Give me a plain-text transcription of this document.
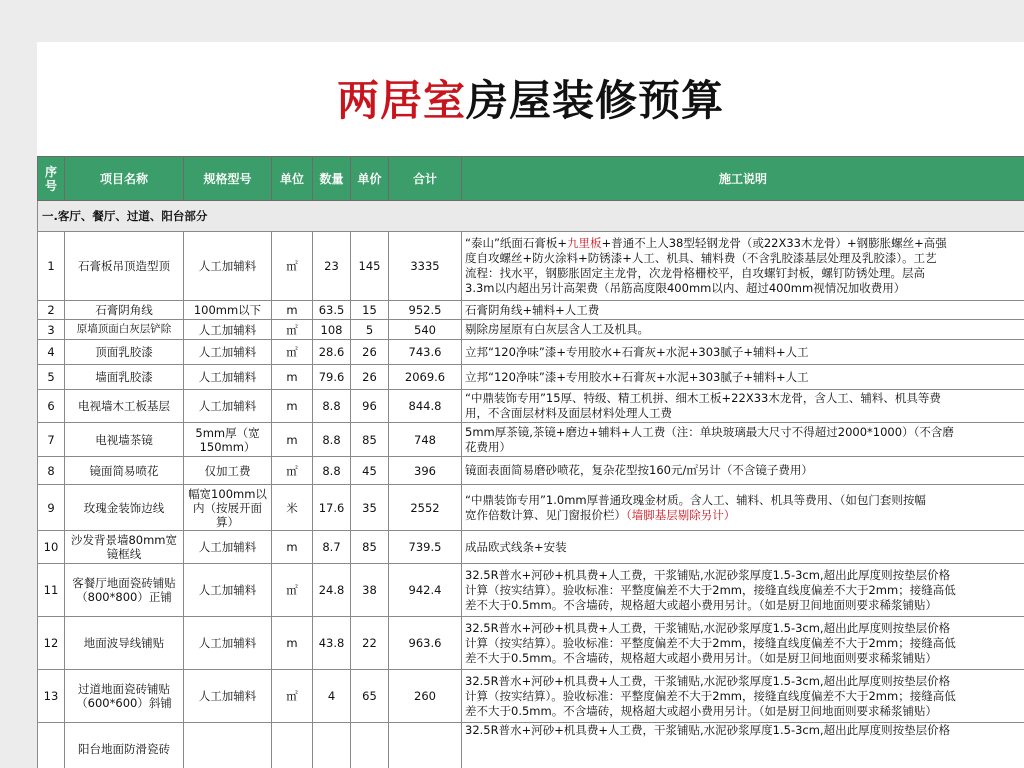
两居室房屋装修预算
序号	项目名称	规格型号	单位	数量	单价	合计	施工说明
一.客厅、餐厅、过道、阳台部分							
1	石膏板吊顶造型顶	人工加辅料	㎡	23	145	3335	“泰山”纸面石膏板+九里板+普通不上人38型轻钢龙骨（或22X33木龙骨）+钢膨胀螺丝+高强
度自攻螺丝+防火涂料+防锈漆+人工、机具、辅料费（不含乳胶漆基层处理及乳胶漆）。工艺
流程：找水平，钢膨胀固定主龙骨，次龙骨格栅校平，自攻螺钉封板，螺钉防锈处理。层高
3.3m以内超出另计高架费（吊筋高度限400mm以内、超过400mm视情况加收费用）

2	石膏阴角线	100mm以下	m	63.5	15	952.5	石膏阴角线+辅料+人工费
3	原墙顶面白灰层铲除	人工加辅料	㎡	108	5	540	剔除房屋原有白灰层含人工及机具。
4	顶面乳胶漆	人工加辅料	㎡	28.6	26	743.6	立邦“120净味”漆+专用胶水+石膏灰+水泥+303腻子+辅料+人工
5	墙面乳胶漆	人工加辅料	m	79.6	26	2069.6	立邦“120净味”漆+专用胶水+石膏灰+水泥+303腻子+辅料+人工
6	电视墙木工板基层	人工加辅料	m	8.8	96	844.8	“中鼎装饰专用”15厚、特级、精工机拼、细木工板+22X33木龙骨，含人工、辅料、机具等费
用，不含面层材料及面层材料处理人工费

7	电视墙茶镜	5mm厚（宽150mm）	m	8.8	85	748	5mm厚茶镜,茶镜+磨边+辅料+人工费（注：单块玻璃最大尺寸不得超过2000*1000）（不含磨
花费用）

8	镜面简易喷花	仅加工费	㎡	8.8	45	396	镜面表面简易磨砂喷花，复杂花型按160元/㎡另计（不含镜子费用）
9	玫瑰金装饰边线	幅宽100mm以内（按展开面算）	米	17.6	35	2552	“中鼎装饰专用”1.0mm厚普通玫瑰金材质。含人工、辅料、机具等费用、（如包门套则按幅
宽作倍数计算、见门窗报价栏）（墙脚基层剔除另计）

10	沙发背景墙80mm宽镜框线	人工加辅料	m	8.7	85	739.5	成品欧式线条+安装
11	客餐厅地面瓷砖铺贴（800*800）正铺	人工加辅料	㎡	24.8	38	942.4	32.5R普水+河砂+机具费+人工费，干浆铺贴,水泥砂浆厚度1.5-3cm,超出此厚度则按垫层价格
计算（按实结算）。验收标准：平整度偏差不大于2mm，接缝直线度偏差不大于2mm；接缝高低
差不大于0.5mm。不含墙砖，规格超大或超小费用另计。（如是厨卫间地面则要求稀浆铺贴）

12	地面波导线铺贴	人工加辅料	m	43.8	22	963.6	32.5R普水+河砂+机具费+人工费，干浆铺贴,水泥砂浆厚度1.5-3cm,超出此厚度则按垫层价格
计算（按实结算）。验收标准：平整度偏差不大于2mm，接缝直线度偏差不大于2mm；接缝高低
差不大于0.5mm。不含墙砖，规格超大或超小费用另计。（如是厨卫间地面则要求稀浆铺贴）

13	过道地面瓷砖铺贴（600*600）斜铺	人工加辅料	㎡	4	65	260	32.5R普水+河砂+机具费+人工费，干浆铺贴,水泥砂浆厚度1.5-3cm,超出此厚度则按垫层价格
计算（按实结算）。验收标准：平整度偏差不大于2mm，接缝直线度偏差不大于2mm；接缝高低
差不大于0.5mm。不含墙砖，规格超大或超小费用另计。（如是厨卫间地面则要求稀浆铺贴）

	阳台地面防滑瓷砖						32.5R普水+河砂+机具费+人工费，干浆铺贴,水泥砂浆厚度1.5-3cm,超出此厚度则按垫层价格
